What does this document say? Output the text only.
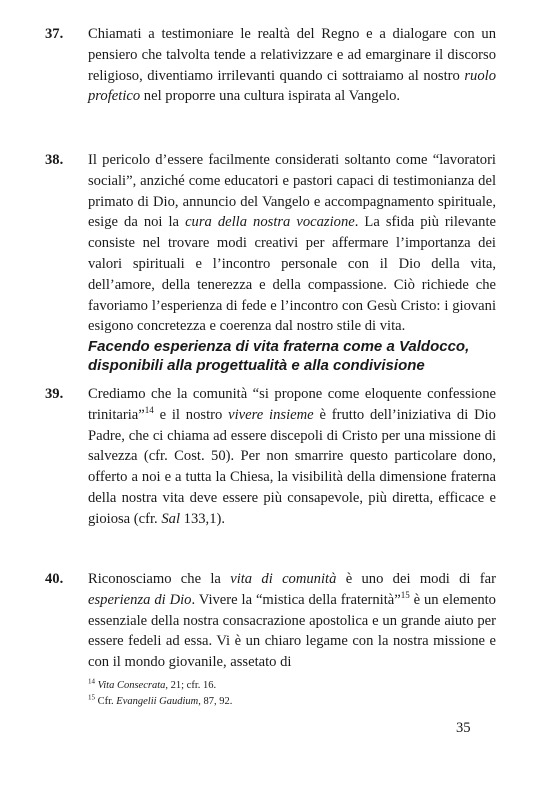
37. Chiamati a testimoniare le realtà del Regno e a dialogare con un pensiero che talvolta tende a relativizzare e ad emarginare il discorso religioso, diventiamo irrilevanti quando ci sottraiamo al nostro ruolo profetico nel proporre una cultura ispirata al Vangelo.
38. Il pericolo d’essere facilmente considerati soltanto come “lavoratori sociali”, anziché come educatori e pastori capaci di testimonianza del primato di Dio, annuncio del Vangelo e accompagnamento spirituale, esige da noi la cura della nostra vocazione. La sfida più rilevante consiste nel trovare modi creativi per affermare l’importanza dei valori spirituali e l’incontro personale con il Dio della vita, dell’amore, della tenerezza e della compassione. Ciò richiede che favoriamo l’esperienza di fede e l’incontro con Gesù Cristo: i giovani esigono concretezza e coerenza dal nostro stile di vita.
Facendo esperienza di vita fraterna come a Valdocco, disponibili alla progettualità e alla condivisione
39. Crediamo che la comunità “si propone come eloquente confessione trinitaria”$^{14}$ e il nostro vivere insieme è frutto dell’iniziativa di Dio Padre, che ci chiama ad essere discepoli di Cristo per una missione di salvezza (cfr. Cost. 50). Per non smarrire questo particolare dono, offerto a noi e a tutta la Chiesa, la visibilità della dimensione fraterna della nostra vita deve essere più consapevole, più diretta, efficace e gioiosa (cfr. Sal 133,1).
40. Riconosciamo che la vita di comunità è uno dei modi di far esperienza di Dio. Vivere la “mistica della fraternità”$^{15}$ è un elemento essenziale della nostra consacrazione apostolica e un grande aiuto per essere fedeli ad essa. Vi è un chiaro legame con la nostra missione e con il mondo giovanile, assetato di
$^{14}$ Vita Consecrata, 21; cfr. 16.
$^{15}$ Cfr. Evangelii Gaudium, 87, 92.
35
